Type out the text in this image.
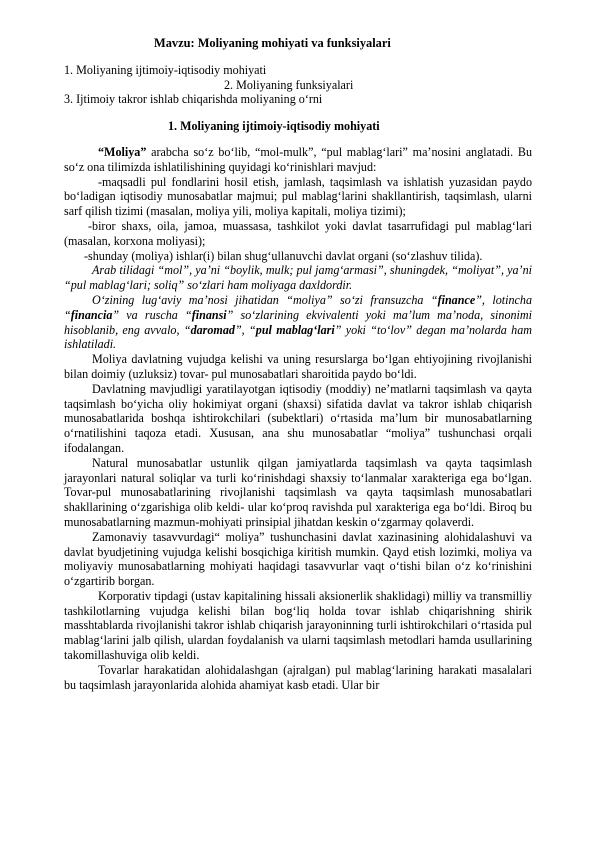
Mavzu: Moliyaning mohiyati va funksiyalari
1. Moliyaning ijtimoiy-iqtisodiy mohiyati
2. Moliyaning funksiyalari
3. Ijtimoiy takror ishlab chiqarishda moliyaning o‘rni
1. Moliyaning ijtimoiy-iqtisodiy mohiyati

“Moliya” arabcha so‘z bo‘lib, “mol-mulk”, “pul mablag‘lari” ma’nosini anglatadi. Bu so‘z ona tilimizda ishlatilishining quyidagi ko‘rinishlari mavjud:

-maqsadli pul fondlarini hosil etish, jamlash, taqsimlash va ishlatish yuzasidan paydo bo‘ladigan iqtisodiy munosabatlar majmui; pul mablag‘larini shakllantirish, taqsimlash, ularni sarf qilish tizimi (masalan, moliya yili, moliya kapitali, moliya tizimi);

-biror shaxs, oila, jamoa, muassasa, tashkilot yoki davlat tasarrufidagi pul mablag‘lari (masalan, korxona moliyasi);

-shunday (moliya) ishlar(i) bilan shug‘ullanuvchi davlat organi (so‘zlashuv tilida).

Arab tilidagi “mol”, ya’ni “boylik, mulk; pul jamg‘armasi”, shuningdek, “moliyat”, ya’ni “pul mablag‘lari; soliq” so‘zlari ham moliyaga daxldordir.

O‘zining lug‘aviy ma’nosi jihatidan “moliya” so‘zi fransuzcha “finance”, lotincha “financia” va ruscha “finansi” so‘zlarining ekvivalenti yoki ma’lum ma’noda, sinonimi hisoblanib, eng avvalo, “daromad”, “pul mablag‘lari” yoki “to‘lov” degan ma’nolarda ham ishlatiladi.

Moliya davlatning vujudga kelishi va uning resurslarga bo‘lgan ehtiyojining rivojlanishi bilan doimiy (uzluksiz) tovar- pul munosabatlari sharoitida paydo bo‘ldi.

Davlatning mavjudligi yaratilayotgan iqtisodiy (moddiy) ne’matlarni taqsimlash va qayta taqsimlash bo‘yicha oliy hokimiyat organi (shaxsi) sifatida davlat va takror ishlab chiqarish munosabatlarida boshqa ishtirokchilari (subektlari) o‘rtasida ma’lum bir munosabatlarning o‘rnatilishini taqoza etadi. Xususan, ana shu munosabatlar “moliya” tushunchasi orqali ifodalangan.

Natural munosabatlar ustunlik qilgan jamiyatlarda taqsimlash va qayta taqsimlash jarayonlari natural soliqlar va turli ko‘rinishdagi shaxsiy to‘lanmalar xarakteriga ega bo‘lgan. Tovar-pul munosabatlarining rivojlanishi taqsimlash va qayta taqsimlash munosabatlari shakllarining o‘zgarishiga olib keldi- ular ko‘proq ravishda pul xarakteriga ega bo‘ldi. Biroq bu munosabatlarning mazmun-mohiyati prinsipial jihatdan keskin o‘zgarmay qolaverdi.

Zamonaviy tasavvurdagi“ moliya” tushunchasini davlat xazinasining alohidalashuvi va davlat byudjetining vujudga kelishi bosqichiga kiritish mumkin. Qayd etish lozimki, moliya va moliyaviy munosabatlarning mohiyati haqidagi tasavvurlar vaqt o‘tishi bilan o‘z ko‘rinishini o‘zgartirib borgan.

Korporativ tipdagi (ustav kapitalining hissali aksionerlik shaklidagi) milliy va transmilliy tashkilotlarning vujudga kelishi bilan bog‘liq holda tovar ishlab chiqarishning shirik masshtablarda rivojlanishi takror ishlab chiqarish jarayoninning turli ishtirokchilari o‘rtasida pul mablag‘larini jalb qilish, ulardan foydalanish va ularni taqsimlash metodlari hamda usullarining takomillashuviga olib keldi.

Tovarlar harakatidan alohidalashgan (ajralgan) pul mablag‘larining harakati masalalari bu taqsimlash jarayonlarida alohida ahamiyat kasb etadi. Ular bir
